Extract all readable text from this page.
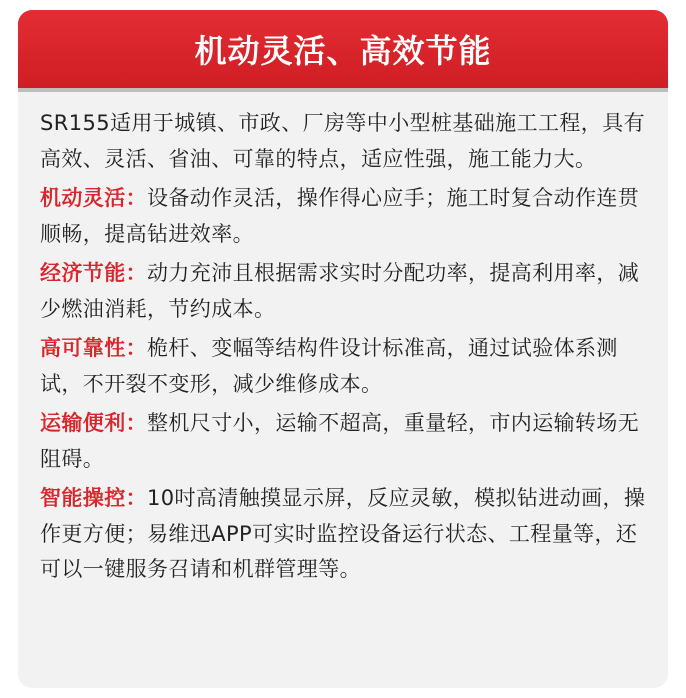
机动灵活、高效节能

SR155适用于城镇、市政、厂房等中小型桩基础施工工程，具有高效、灵活、省油、可靠的特点，适应性强，施工能力大。

机动灵活：设备动作灵活，操作得心应手；施工时复合动作连贯顺畅，提高钻进效率。

经济节能：动力充沛且根据需求实时分配功率，提高利用率，减少燃油消耗，节约成本。

高可靠性：桅杆、变幅等结构件设计标准高，通过试验体系测试，不开裂不变形，减少维修成本。

运输便利：整机尺寸小，运输不超高，重量轻，市内运输转场无阻碍。

智能操控：10吋高清触摸显示屏，反应灵敏，模拟钻进动画，操作更方便；易维迅APP可实时监控设备运行状态、工程量等，还可以一键服务召请和机群管理等。
